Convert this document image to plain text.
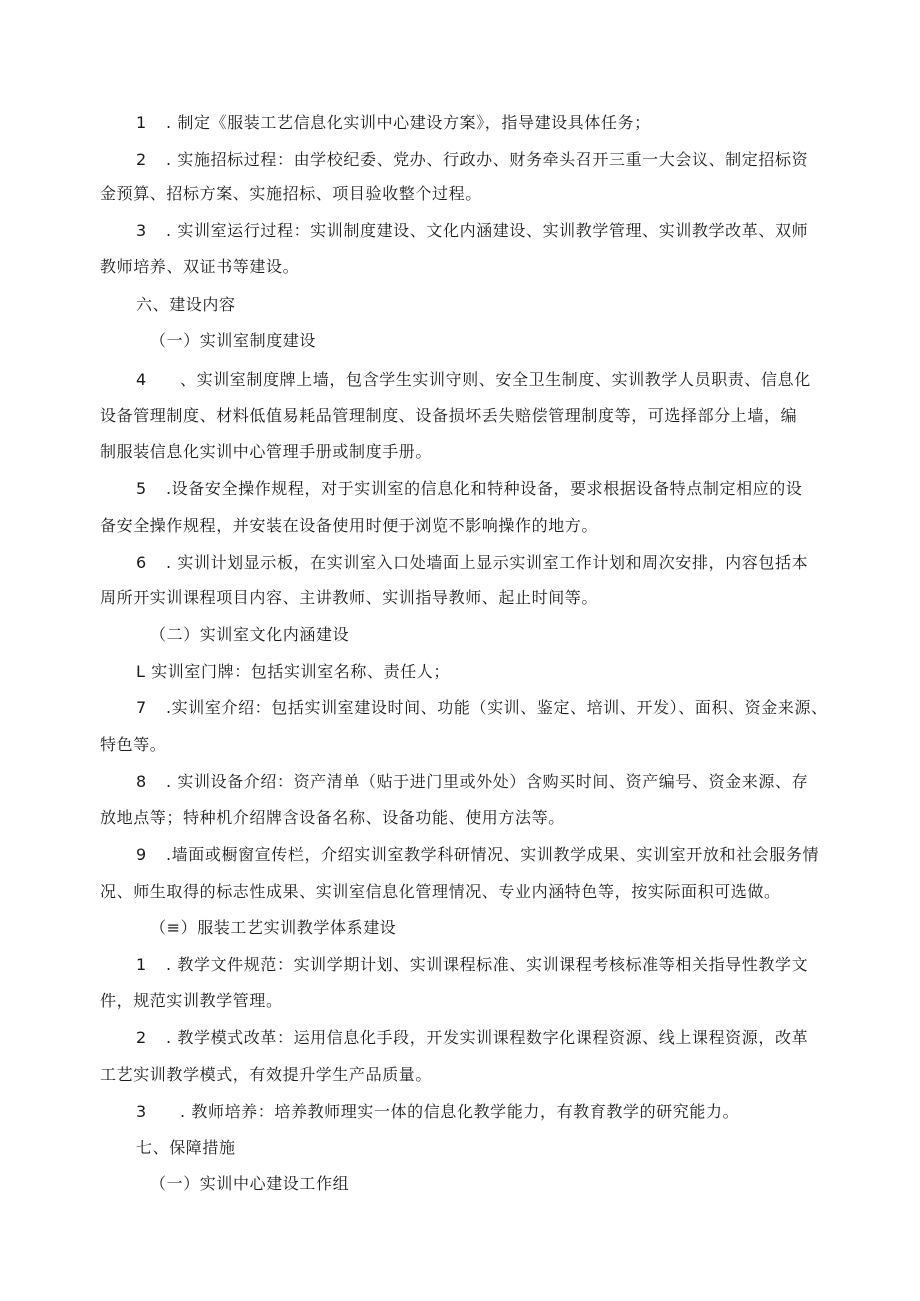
1 . 制定《服装工艺信息化实训中心建设方案》，指导建设具体任务；
2 . 实施招标过程：由学校纪委、党办、行政办、财务牵头召开三重一大会议、制定招标资
金预算、招标方案、实施招标、项目验收整个过程。
3 . 实训室运行过程：实训制度建设、文化内涵建设、实训教学管理、实训教学改革、双师
教师培养、双证书等建设。
六、建设内容
（一）实训室制度建设
4 、实训室制度牌上墙，包含学生实训守则、安全卫生制度、实训教学人员职责、信息化
设备管理制度、材料低值易耗品管理制度、设备损坏丢失赔偿管理制度等，可选择部分上墙，编
制服装信息化实训中心管理手册或制度手册。
5 .设备安全操作规程，对于实训室的信息化和特种设备，要求根据设备特点制定相应的设
备安全操作规程，并安装在设备使用时便于浏览不影响操作的地方。
6 . 实训计划显示板，在实训室入口处墙面上显示实训室工作计划和周次安排，内容包括本
周所开实训课程项目内容、主讲教师、实训指导教师、起止时间等。
（二）实训室文化内涵建设
L 实训室门牌：包括实训室名称、责任人；
7 .实训室介绍：包括实训室建设时间、功能（实训、鉴定、培训、开发）、面积、资金来源、
特色等。
8 . 实训设备介绍：资产清单（贴于进门里或外处）含购买时间、资产编号、资金来源、存
放地点等；特种机介绍牌含设备名称、设备功能、使用方法等。
9 .墙面或橱窗宣传栏，介绍实训室教学科研情况、实训教学成果、实训室开放和社会服务情
况、师生取得的标志性成果、实训室信息化管理情况、专业内涵特色等，按实际面积可选做。
（≡）服装工艺实训教学体系建设
1 . 教学文件规范：实训学期计划、实训课程标准、实训课程考核标准等相关指导性教学文
件，规范实训教学管理。
2 . 教学模式改革：运用信息化手段，开发实训课程数字化课程资源、线上课程资源，改革
工艺实训教学模式，有效提升学生产品质量。
3 . 教师培养：培养教师理实一体的信息化教学能力，有教育教学的研究能力。
七、保障措施
（一）实训中心建设工作组
